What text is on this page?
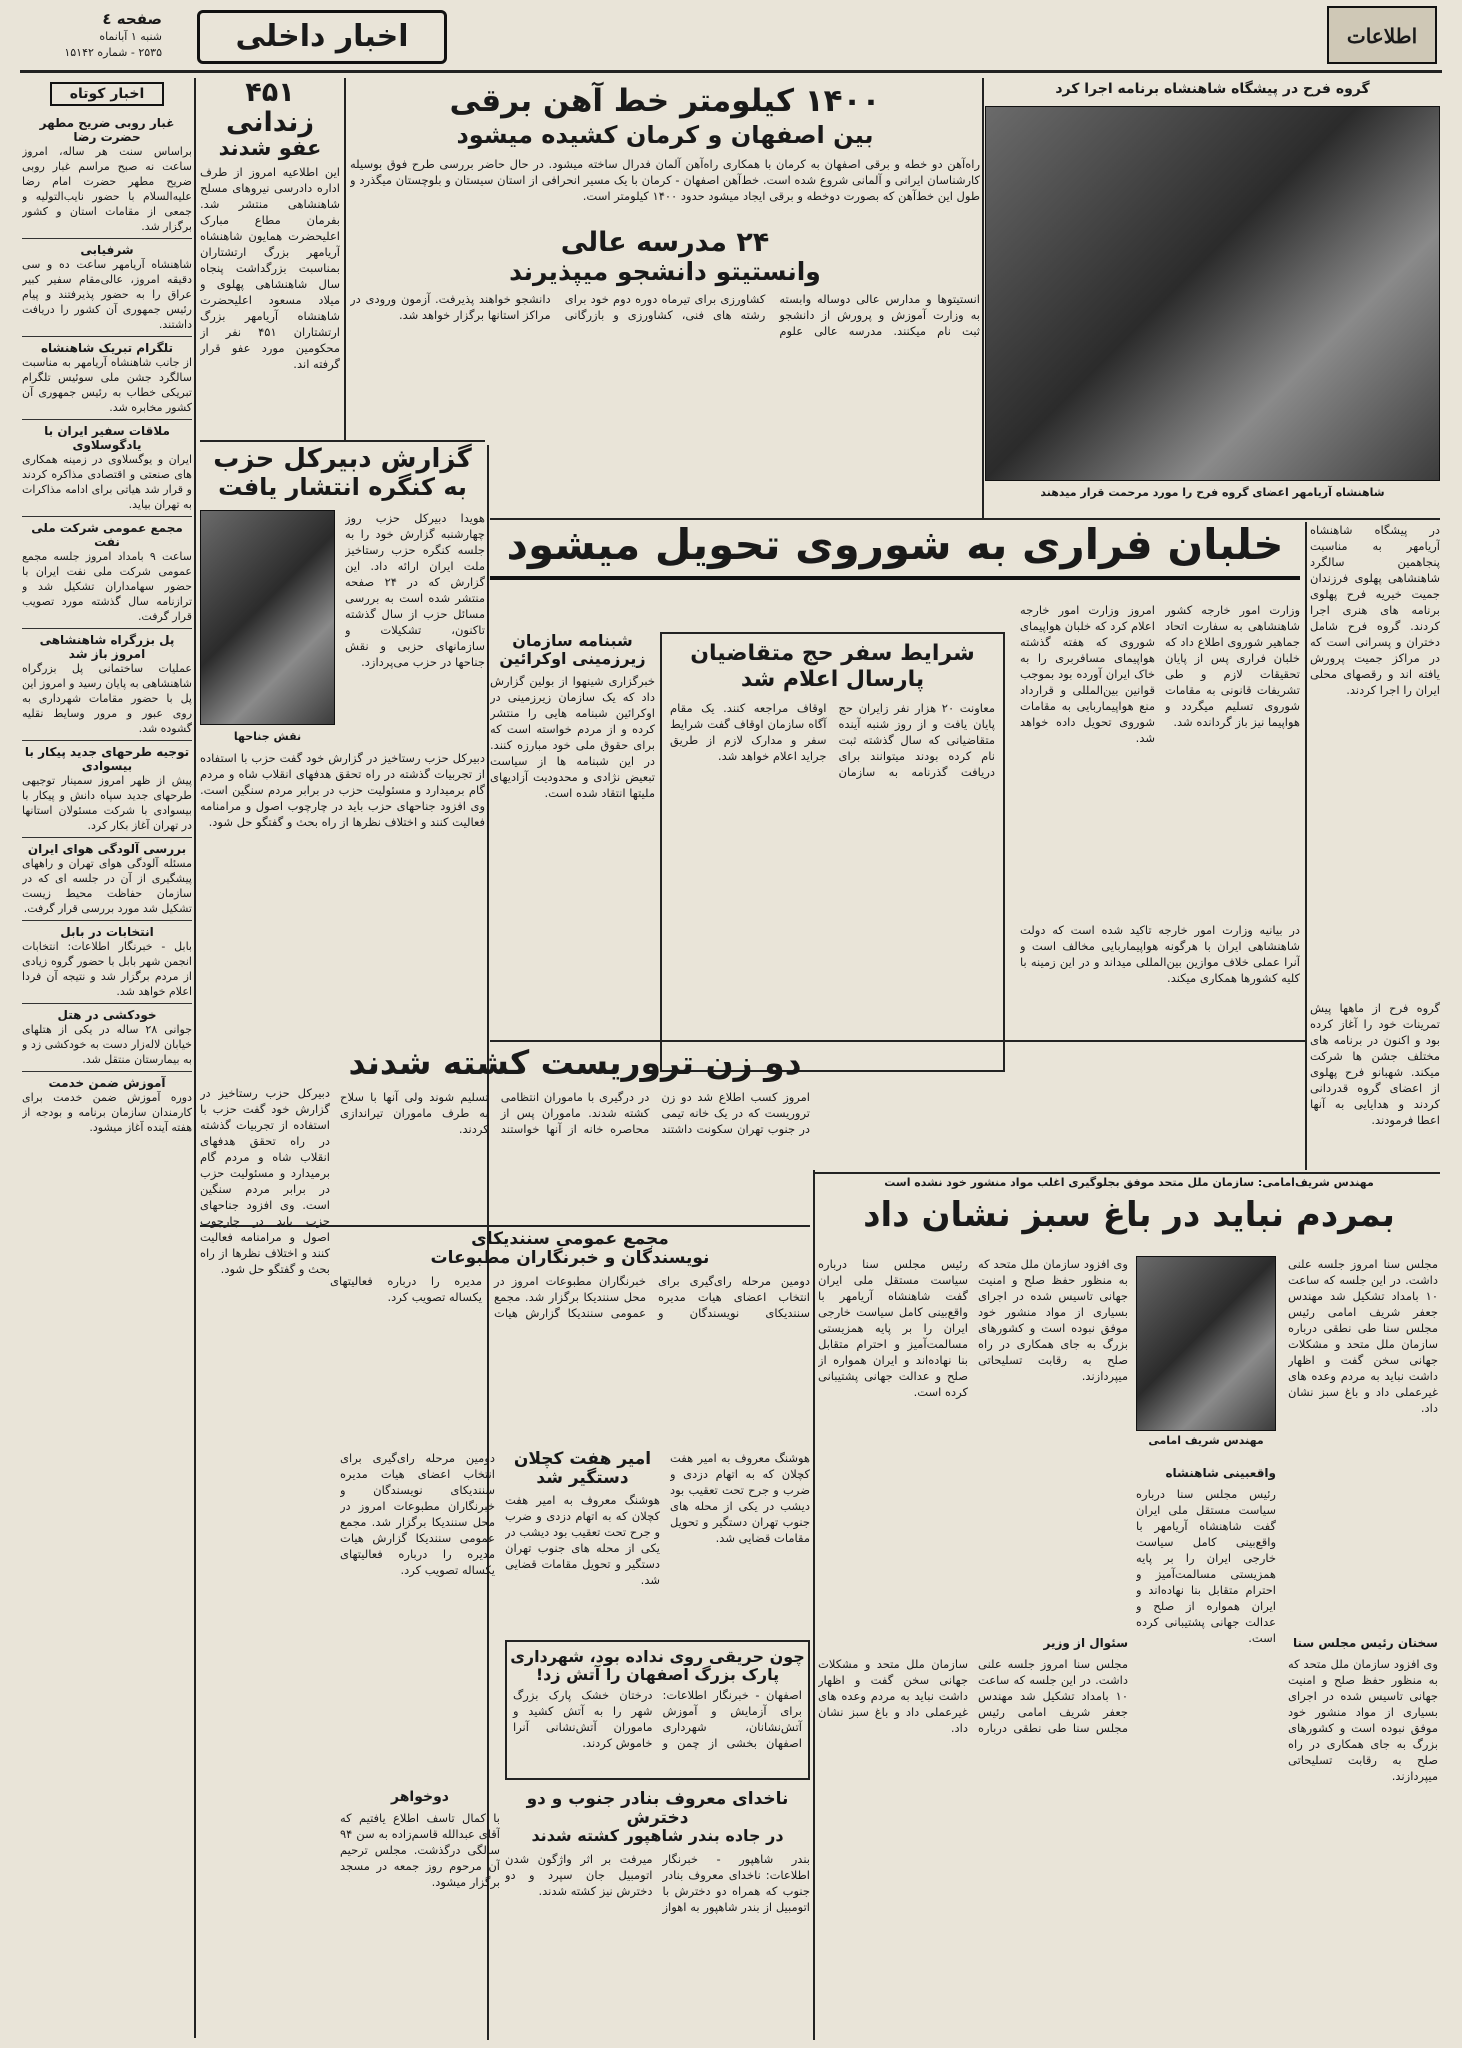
صفحه ٤
شنبه ۱ آبانماه
۲۵۳۵ - شماره ۱۵۱۴۲	اخبار داخلی	اطلاعات
اخبار کوتاه
غبار روبی ضریح مطهر حضرت رضا
براساس سنت هر ساله، امروز ساعت نه صبح مراسم غبار روبی ضریح مطهر حضرت امام رضا علیه‌السلام با حضور نایب‌التولیه و جمعی از مقامات استان و کشور برگزار شد.
شرفیابی
شاهنشاه آریامهر ساعت ده و سی دقیقه امروز، عالی‌مقام سفیر کبیر عراق را به حضور پذیرفتند و پیام رئیس جمهوری آن کشور را دریافت داشتند.
تلگرام تبریک شاهنشاه
از جانب شاهنشاه آریامهر به مناسبت سالگرد جشن ملی سوئیس تلگرام تبریکی خطاب به رئیس جمهوری آن کشور مخابره شد.
ملاقات سفیر ایران با یادگوسلاوی
ایران و یوگسلاوی در زمینه همکاری های صنعتی و اقتصادی مذاکره کردند و قرار شد هیاتی برای ادامه مذاکرات به تهران بیاید.
مجمع عمومی شرکت ملی نفت
ساعت ۹ بامداد امروز جلسه مجمع عمومی شرکت ملی نفت ایران با حضور سهامداران تشکیل شد و ترازنامه سال گذشته مورد تصویب قرار گرفت.
پل بزرگراه شاهنشاهی امروز باز شد
عملیات ساختمانی پل بزرگراه شاهنشاهی به پایان رسید و امروز این پل با حضور مقامات شهرداری به روی عبور و مرور وسایط نقلیه گشوده شد.
توجیه طرحهای جدید پیکار با بیسوادی
پیش از ظهر امروز سمینار توجیهی طرحهای جدید سپاه دانش و پیکار با بیسوادی با شرکت مسئولان استانها در تهران آغاز بکار کرد.
بررسی آلودگی هوای ایران
مسئله آلودگی هوای تهران و راههای پیشگیری از آن در جلسه ای که در سازمان حفاظت محیط زیست تشکیل شد مورد بررسی قرار گرفت.
انتخابات در بابل
بابل - خبرنگار اطلاعات: انتخابات انجمن شهر بابل با حضور گروه زیادی از مردم برگزار شد و نتیجه آن فردا اعلام خواهد شد.
خودکشی در هتل
جوانی ۲۸ ساله در یکی از هتلهای خیابان لاله‌زار دست به خودکشی زد و به بیمارستان منتقل شد.
آموزش ضمن خدمت
دوره آموزش ضمن خدمت برای کارمندان سازمان برنامه و بودجه از هفته آینده آغاز میشود.
۴۵۱ زندانی
عفو شدند
این اطلاعیه امروز از طرف اداره دادرسی نیروهای مسلح شاهنشاهی منتشر شد. بفرمان مطاع مبارک اعلیحضرت همایون شاهنشاه آریامهر بزرگ ارتشتاران بمناسبت بزرگداشت پنجاه سال شاهنشاهی پهلوی و میلاد مسعود اعلیحضرت شاهنشاه آریامهر بزرگ ارتشتاران ۴۵۱ نفر از محکومین مورد عفو قرار گرفته اند.
گزارش دبیرکل حزب
به کنگره انتشار یافت
نقش جناحها
هویدا دبیرکل حزب روز چهارشنبه گزارش خود را به جلسه کنگره حزب رستاخیز ملت ایران ارائه داد. این گزارش که در ۲۴ صفحه منتشر شده است به بررسی مسائل حزب از سال گذشته تاکنون، تشکیلات و سازمانهای حزبی و نقش جناحها در حزب می‌پردازد.
دبیرکل حزب رستاخیز در گزارش خود گفت حزب با استفاده از تجربیات گذشته در راه تحقق هدفهای انقلاب شاه و مردم گام برمیدارد و مسئولیت حزب در برابر مردم سنگین است. وی افزود جناحهای حزب باید در چارچوب اصول و مرامنامه فعالیت کنند و اختلاف نظرها از راه بحث و گفتگو حل شود.
۱۴۰۰ کیلومتر خط آهن برقی
بین اصفهان و کرمان کشیده میشود
راه‌آهن دو خطه و برقی اصفهان به کرمان با همکاری راه‌آهن آلمان فدرال ساخته میشود. در حال حاضر بررسی طرح فوق بوسیله کارشناسان ایرانی و آلمانی شروع شده است. خط‌آهن اصفهان - کرمان با یک مسیر انحرافی از استان سیستان و بلوچستان میگذرد و طول این خط‌آهن که بصورت دوخطه و برقی ایجاد میشود حدود ۱۴۰۰ کیلومتر است.
۲۴ مدرسه عالی
وانستیتو دانشجو میپذیرند
انستیتوها و مدارس عالی دوساله وابسته به وزارت آموزش و پرورش از دانشجو ثبت نام میکنند. مدرسه عالی علوم کشاورزی برای تیرماه دوره دوم خود برای رشته های فنی، کشاورزی و بازرگانی دانشجو خواهند پذیرفت. آزمون ورودی در مراکز استانها برگزار خواهد شد.
گروه فرح در پیشگاه شاهنشاه برنامه اجرا کرد
شاهنشاه آریامهر اعضای گروه فرح را مورد مرحمت قرار میدهند
خلبان فراری به شوروی تحویل میشود	در پیشگاه شاهنشاه آریامهر به مناسبت پنجاهمین سالگرد شاهنشاهی پهلوی فرزندان جمیت خیریه فرح پهلوی برنامه های هنری اجرا کردند. گروه فرح شامل دختران و پسرانی است که در مراکز جمیت پرورش یافته اند و رقصهای محلی ایران را اجرا کردند.
امروز وزارت امور خارجه اعلام کرد که خلبان هواپیمای شوروی که هفته گذشته هواپیمای مسافربری را به خاک ایران آورده بود بموجب قوانین بین‌المللی و قرارداد منع هواپیماربایی به مقامات شوروی تحویل داده خواهد شد.
وزارت امور خارجه کشور شاهنشاهی به سفارت اتحاد جماهیر شوروی اطلاع داد که خلبان فراری پس از پایان تحقیقات لازم و طی تشریفات قانونی به مقامات شوروی تسلیم میگردد و هواپیما نیز باز گردانده شد.
در بیانیه وزارت امور خارجه تاکید شده است که دولت شاهنشاهی ایران با هرگونه هواپیماربایی مخالف است و آنرا عملی خلاف موازین بین‌المللی میداند و در این زمینه با کلیه کشورها همکاری میکند.
شرایط سفر حج متقاضیان
پارسال اعلام شد
معاونت ۲۰ هزار نفر زایران حج پایان یافت و از روز شنبه آینده متقاضیانی که سال گذشته ثبت نام کرده بودند میتوانند برای دریافت گذرنامه به سازمان اوقاف مراجعه کنند. یک مقام آگاه سازمان اوقاف گفت شرایط سفر و مدارک لازم از طریق جراید اعلام خواهد شد.
شبنامه سازمان
زیرزمینی اوکرائین
خبرگزاری شینهوا از بولین گزارش داد که یک سازمان زیرزمینی در اوکرائین شبنامه هایی را منتشر کرده و از مردم خواسته است که برای حقوق ملی خود مبارزه کنند. در این شبنامه ها از سیاست تبعیض نژادی و محدودیت آزادیهای ملیتها انتقاد شده است.
دو زن تروریست کشته شدند
امروز کسب اطلاع شد دو زن تروریست که در یک خانه تیمی در جنوب تهران سکونت داشتند در درگیری با ماموران انتظامی کشته شدند. ماموران پس از محاصره خانه از آنها خواستند تسلیم شوند ولی آنها با سلاح به طرف ماموران تیراندازی کردند.
مجمع عمومی سنندیکای
نویسندگان و خبرنگاران مطبوعات
دومین مرحله رای‌گیری برای انتخاب اعضای هیات مدیره سنندیکای نویسندگان و خبرنگاران مطبوعات امروز در محل سنندیکا برگزار شد. مجمع عمومی سنندیکا گزارش هیات مدیره را درباره فعالیتهای یکساله تصویب کرد.
دبیرکل حزب رستاخیز در گزارش خود گفت حزب با استفاده از تجربیات گذشته در راه تحقق هدفهای انقلاب شاه و مردم گام برمیدارد و مسئولیت حزب در برابر مردم سنگین است. وی افزود جناحهای حزب باید در چارچوب اصول و مرامنامه فعالیت کنند و اختلاف نظرها از راه بحث و گفتگو حل شود.
امیر هفت کچلان
دستگیر شد
هوشنگ معروف به امیر هفت کچلان که به اتهام دزدی و ضرب و جرح تحت تعقیب بود دیشب در یکی از محله های جنوب تهران دستگیر و تحویل مقامات قضایی شد.
دومین مرحله رای‌گیری برای انتخاب اعضای هیات مدیره سنندیکای نویسندگان و خبرنگاران مطبوعات امروز در محل سنندیکا برگزار شد. مجمع عمومی سنندیکا گزارش هیات مدیره را درباره فعالیتهای یکساله تصویب کرد.
هوشنگ معروف به امیر هفت کچلان که به اتهام دزدی و ضرب و جرح تحت تعقیب بود دیشب در یکی از محله های جنوب تهران دستگیر و تحویل مقامات قضایی شد.
چون حریقی روی نداده بود، شهرداری
پارک بزرگ اصفهان را آتش زد!
اصفهان - خبرنگار اطلاعات: برای آزمایش و آموزش آتش‌نشانان، شهرداری اصفهان بخشی از چمن و درختان خشک پارک بزرگ شهر را به آتش کشید و ماموران آتش‌نشانی آنرا خاموش کردند.
دوخواهر
با کمال تاسف اطلاع یافتیم که آقای عبدالله قاسم‌زاده به سن ۹۴ سالگی درگذشت. مجلس ترحیم آن مرحوم روز جمعه در مسجد برگزار میشود.
ناخدای معروف بنادر جنوب و دو دخترش
در جاده بندر شاهپور کشته شدند
بندر شاهپور - خبرنگار اطلاعات: ناخدای معروف بنادر جنوب که همراه دو دخترش با اتومبیل از بندر شاهپور به اهواز میرفت بر اثر واژگون شدن اتومبیل جان سپرد و دو دخترش نیز کشته شدند.
مهندس شریف‌امامی: سازمان ملل متحد موفق بجلوگیری اغلب مواد منشور خود نشده است
بمردم نباید در باغ سبز نشان داد
مجلس سنا امروز جلسه علنی داشت. در این جلسه که ساعت ۱۰ بامداد تشکیل شد مهندس جعفر شریف امامی رئیس مجلس سنا طی نطقی درباره سازمان ملل متحد و مشکلات جهانی سخن گفت و اظهار داشت نباید به مردم وعده های غیرعملی داد و باغ سبز نشان داد.
مهندس شریف امامی
وی افزود سازمان ملل متحد که به منظور حفظ صلح و امنیت جهانی تاسیس شده در اجرای بسیاری از مواد منشور خود موفق نبوده است و کشورهای بزرگ به جای همکاری در راه صلح به رقابت تسلیحاتی میپردازند.
رئیس مجلس سنا درباره سیاست مستقل ملی ایران گفت شاهنشاه آریامهر با واقع‌بینی کامل سیاست خارجی ایران را بر پایه همزیستی مسالمت‌آمیز و احترام متقابل بنا نهاده‌اند و ایران همواره از صلح و عدالت جهانی پشتیبانی کرده است.
سخنان رئیس مجلس سنا
وی افزود سازمان ملل متحد که به منظور حفظ صلح و امنیت جهانی تاسیس شده در اجرای بسیاری از مواد منشور خود موفق نبوده است و کشورهای بزرگ به جای همکاری در راه صلح به رقابت تسلیحاتی میپردازند.
واقعبینی شاهنشاه
رئیس مجلس سنا درباره سیاست مستقل ملی ایران گفت شاهنشاه آریامهر با واقع‌بینی کامل سیاست خارجی ایران را بر پایه همزیستی مسالمت‌آمیز و احترام متقابل بنا نهاده‌اند و ایران همواره از صلح و عدالت جهانی پشتیبانی کرده است.
سئوال از وزیر
مجلس سنا امروز جلسه علنی داشت. در این جلسه که ساعت ۱۰ بامداد تشکیل شد مهندس جعفر شریف امامی رئیس مجلس سنا طی نطقی درباره سازمان ملل متحد و مشکلات جهانی سخن گفت و اظهار داشت نباید به مردم وعده های غیرعملی داد و باغ سبز نشان داد.
گروه فرح از ماهها پیش تمرینات خود را آغاز کرده بود و اکنون در برنامه های مختلف جشن ها شرکت میکند. شهبانو فرح پهلوی از اعضای گروه قدردانی کردند و هدایایی به آنها اعطا فرمودند.
